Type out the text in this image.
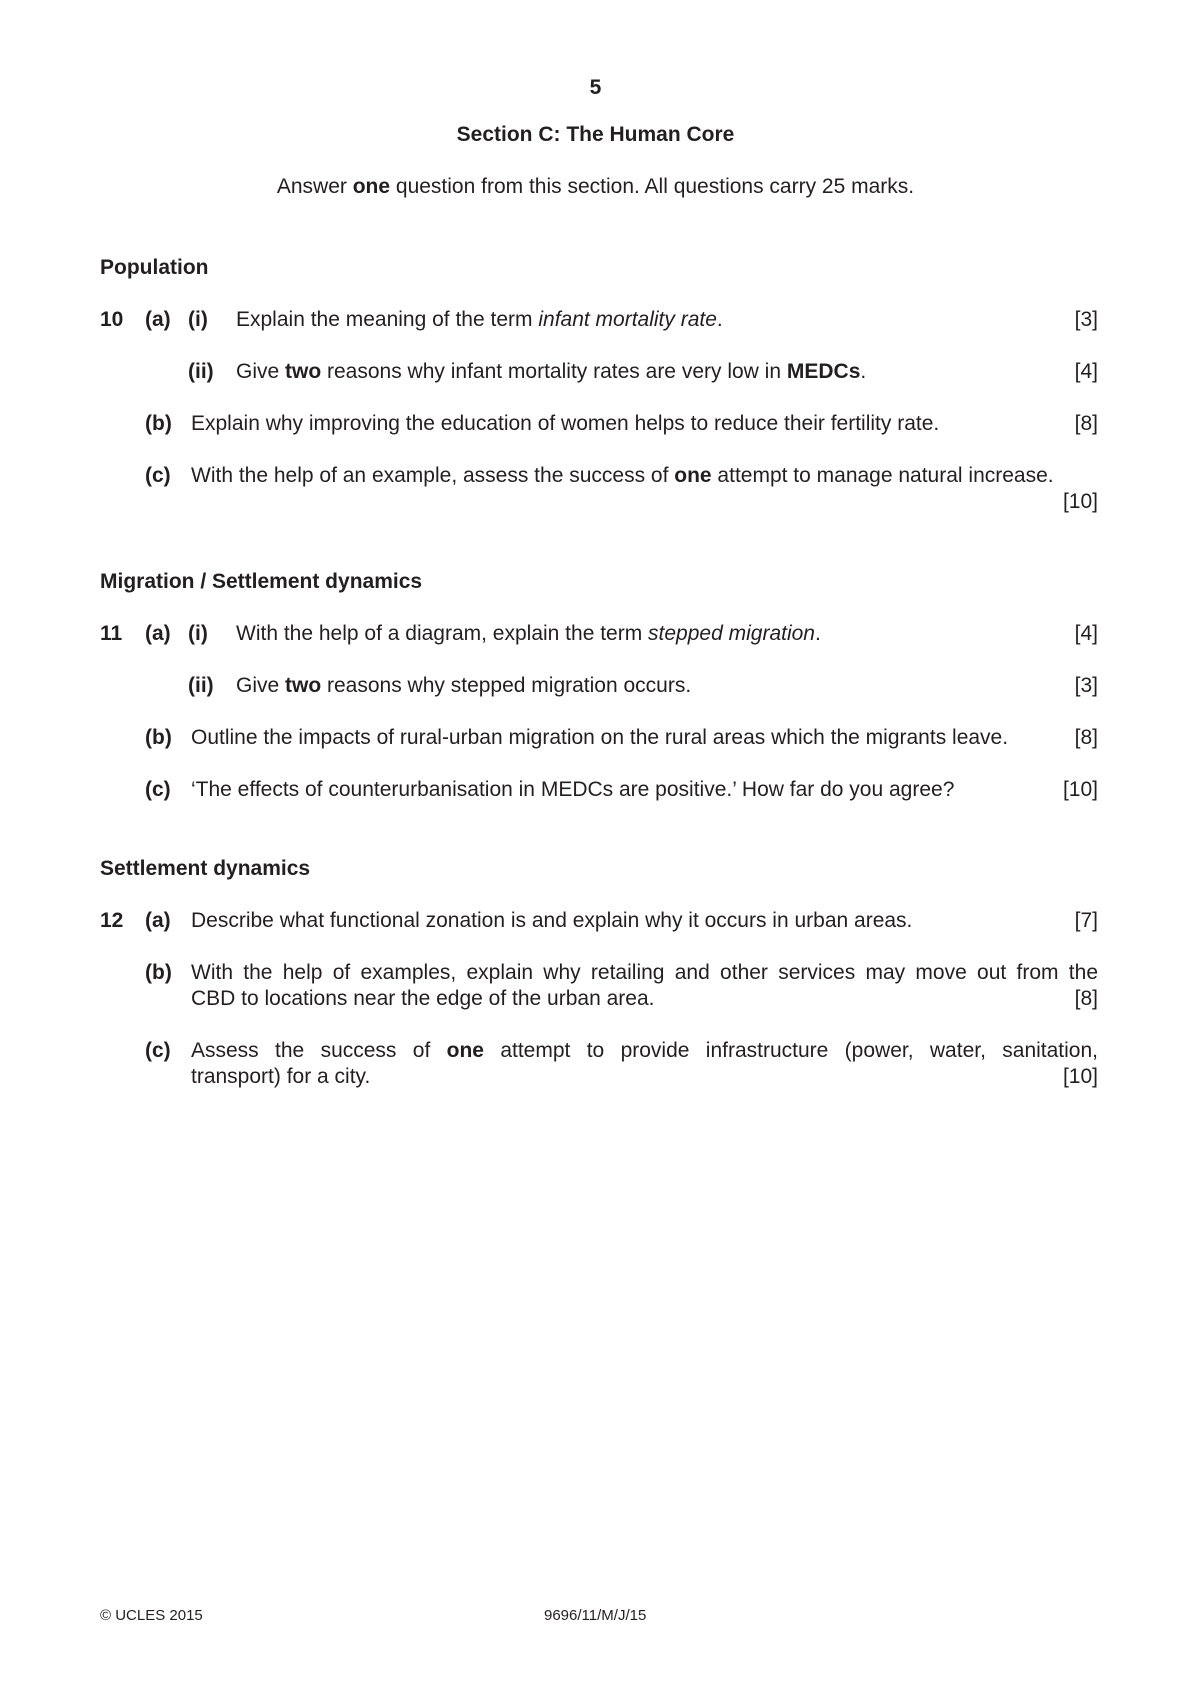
5
Section C: The Human Core
Answer one question from this section. All questions carry 25 marks.
Population
10 (a) (i) Explain the meaning of the term infant mortality rate.	[3]
(ii) Give two reasons why infant mortality rates are very low in MEDCs.	[4]
(b) Explain why improving the education of women helps to reduce their fertility rate.	[8]
(c) With the help of an example, assess the success of one attempt to manage natural increase.
[10]
Migration / Settlement dynamics
11 (a) (i) With the help of a diagram, explain the term stepped migration.	[4]
(ii) Give two reasons why stepped migration occurs.	[3]
(b) Outline the impacts of rural-urban migration on the rural areas which the migrants leave.	[8]
(c) ‘The effects of counterurbanisation in MEDCs are positive.’ How far do you agree?	[10]
Settlement dynamics
12 (a) Describe what functional zonation is and explain why it occurs in urban areas.	[7]
(b) With the help of examples, explain why retailing and other services may move out from the
CBD to locations near the edge of the urban area.	[8]
(c) Assess the success of one attempt to provide infrastructure (power, water, sanitation,
transport) for a city.	[10]
© UCLES 2015	9696/11/M/J/15
